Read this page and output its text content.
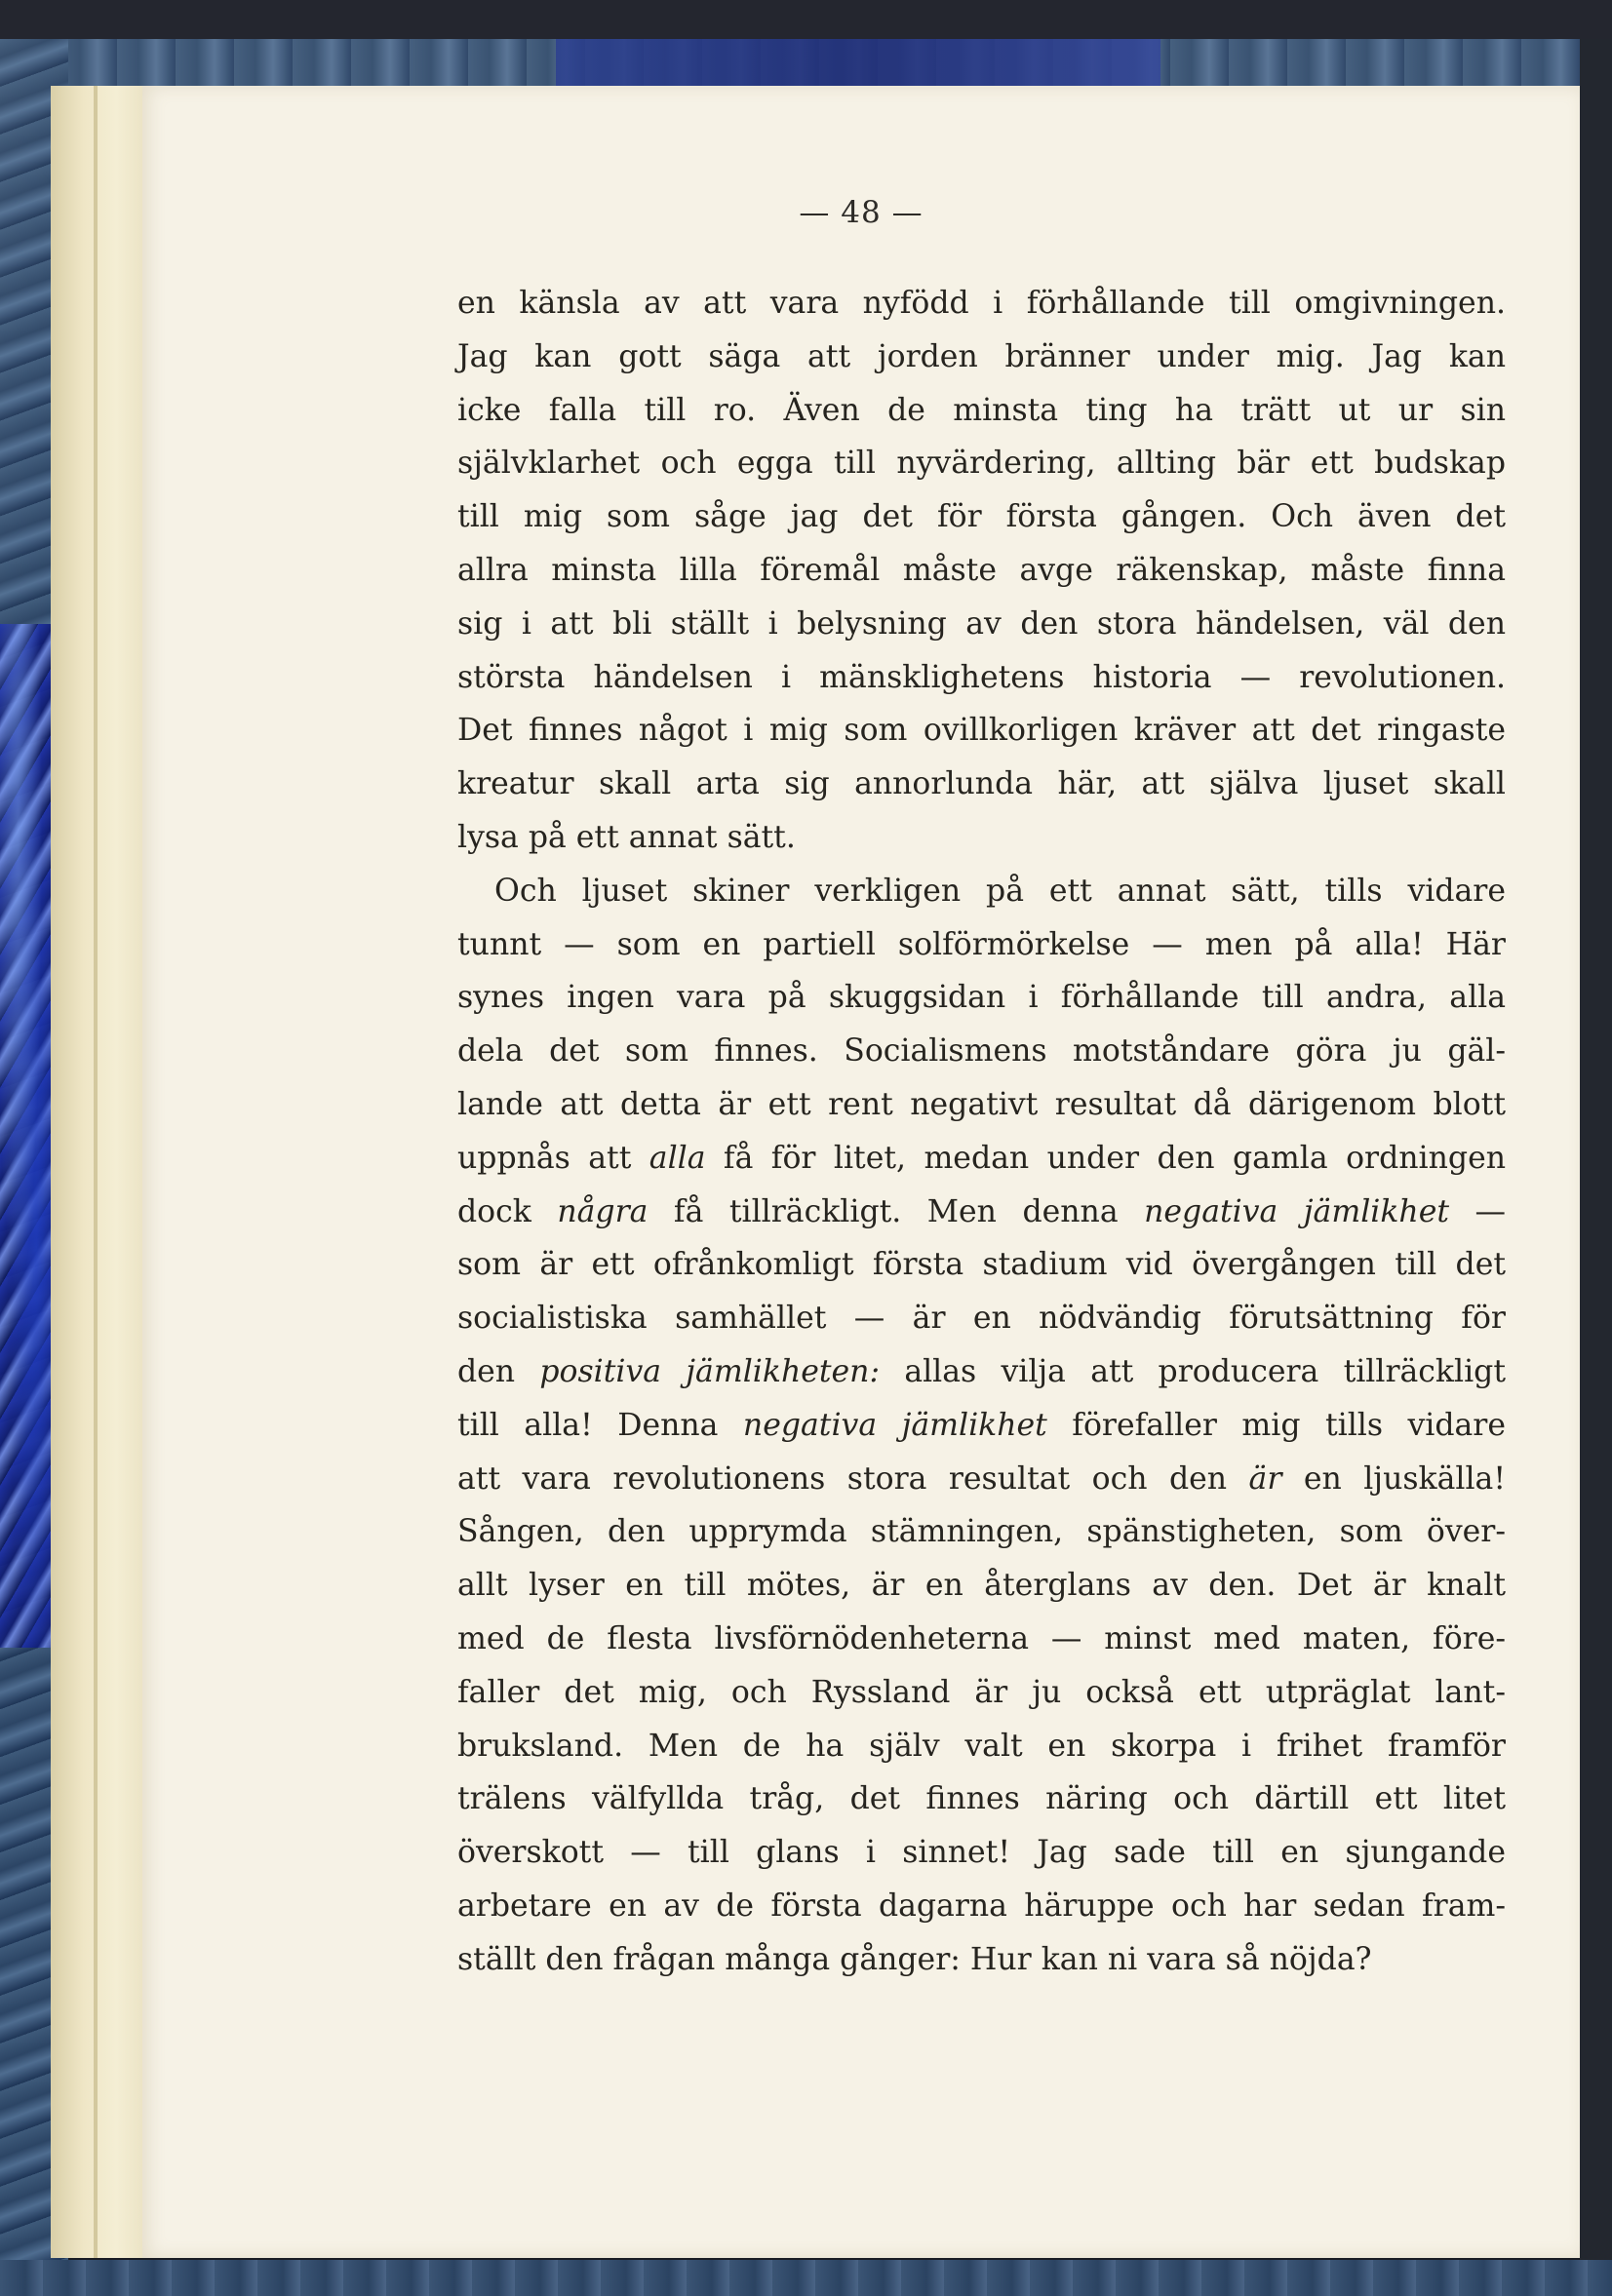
— 48 —

en känsla av att vara nyfödd i förhållande till omgivningen.
Jag kan gott säga att jorden bränner under mig. Jag kan
icke falla till ro. Även de minsta ting ha trätt ut ur sin
självklarhet och egga till nyvärdering, allting bär ett budskap
till mig som såge jag det för första gången. Och även det
allra minsta lilla föremål måste avge räkenskap, måste finna
sig i att bli ställt i belysning av den stora händelsen, väl den
största händelsen i mänsklighetens historia — revolutionen.
Det finnes något i mig som ovillkorligen kräver att det ringaste
kreatur skall arta sig annorlunda här, att själva ljuset skall
lysa på ett annat sätt.

Och ljuset skiner verkligen på ett annat sätt, tills vidare
tunnt — som en partiell solförmörkelse — men på alla! Här
synes ingen vara på skuggsidan i förhållande till andra, alla
dela det som finnes. Socialismens motståndare göra ju gäl-
lande att detta är ett rent negativt resultat då därigenom blott
uppnås att alla få för litet, medan under den gamla ordningen
dock några få tillräckligt. Men denna negativa jämlikhet —
som är ett ofrånkomligt första stadium vid övergången till det
socialistiska samhället — är en nödvändig förutsättning för
den positiva jämlikheten: allas vilja att producera tillräckligt
till alla! Denna negativa jämlikhet förefaller mig tills vidare
att vara revolutionens stora resultat och den är en ljuskälla!
Sången, den upprymda stämningen, spänstigheten, som över-
allt lyser en till mötes, är en återglans av den. Det är knalt
med de flesta livsförnödenheterna — minst med maten, före-
faller det mig, och Ryssland är ju också ett utpräglat lant-
bruksland. Men de ha själv valt en skorpa i frihet framför
trälens välfyllda tråg, det finnes näring och därtill ett litet
överskott — till glans i sinnet! Jag sade till en sjungande
arbetare en av de första dagarna häruppe och har sedan fram-
ställt den frågan många gånger: Hur kan ni vara så nöjda?
